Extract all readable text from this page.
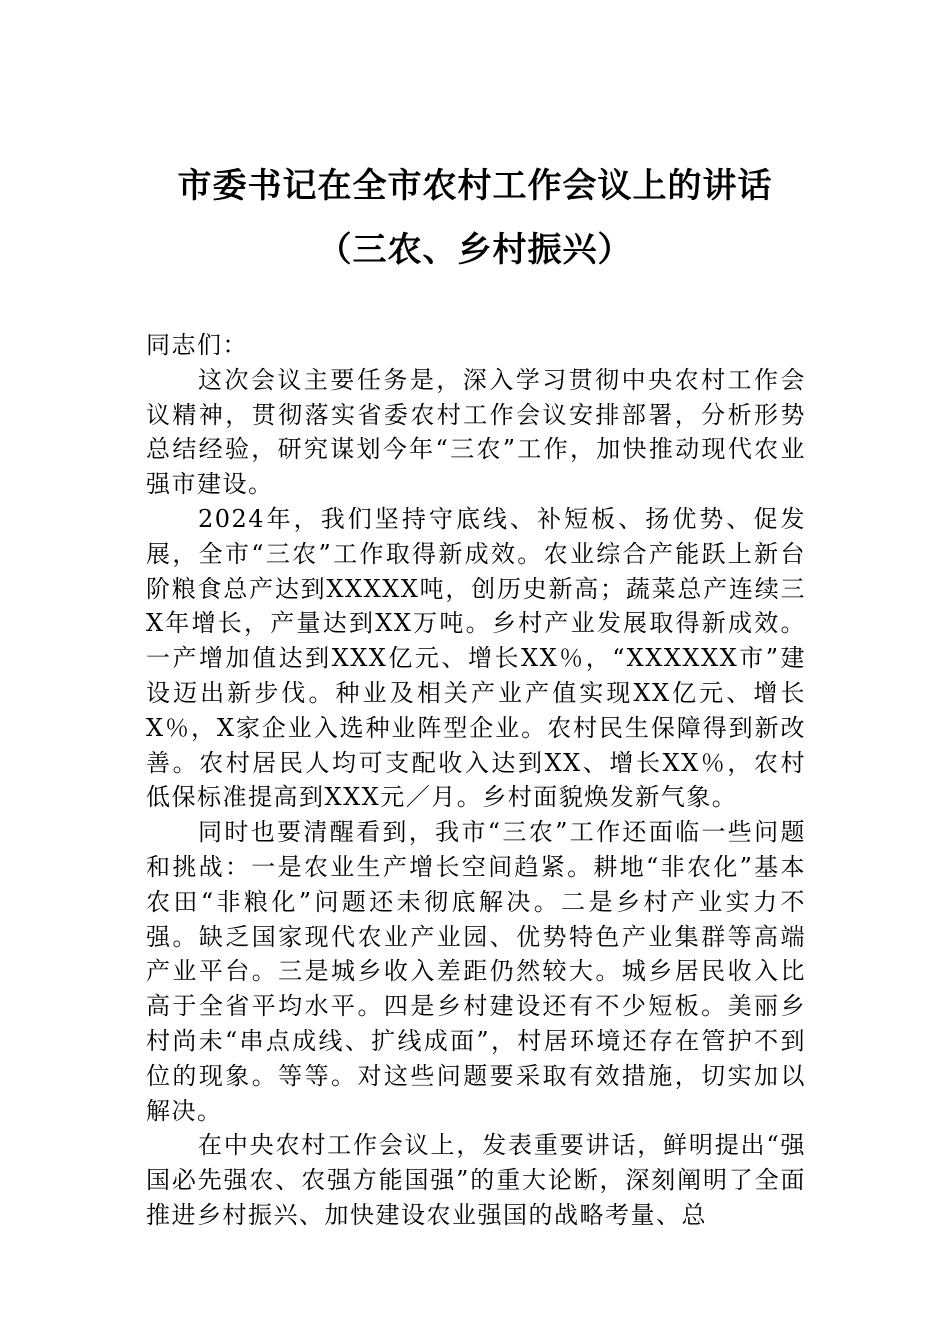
市委书记在全市农村工作会议上的讲话
（三农、乡村振兴）

同志们：

这次会议主要任务是，深入学习贯彻中央农村工作会议精神，贯彻落实省委农村工作会议安排部署，分析形势总结经验，研究谋划今年“三农”工作，加快推动现代农业强市建设。

2024年，我们坚持守底线、补短板、扬优势、促发展，全市“三农”工作取得新成效。农业综合产能跃上新台阶粮食总产达到XXXXX吨，创历史新高；蔬菜总产连续三X年增长，产量达到XX万吨。乡村产业发展取得新成效。一产增加值达到XXX亿元、增长XX％，“XXXXXX市”建设迈出新步伐。种业及相关产业产值实现XX亿元、增长X％，X家企业入选种业阵型企业。农村民生保障得到新改善。农村居民人均可支配收入达到XX、增长XX％，农村低保标准提高到XXX元／月。乡村面貌焕发新气象。

同时也要清醒看到，我市“三农”工作还面临一些问题和挑战：一是农业生产增长空间趋紧。耕地“非农化”基本农田“非粮化”问题还未彻底解决。二是乡村产业实力不强。缺乏国家现代农业产业园、优势特色产业集群等高端产业平台。三是城乡收入差距仍然较大。城乡居民收入比高于全省平均水平。四是乡村建设还有不少短板。美丽乡村尚未“串点成线、扩线成面”，村居环境还存在管护不到位的现象。等等。对这些问题要采取有效措施，切实加以解决。

在中央农村工作会议上，发表重要讲话，鲜明提出“强国必先强农、农强方能国强”的重大论断，深刻阐明了全面推进乡村振兴、加快建设农业强国的战略考量、总
